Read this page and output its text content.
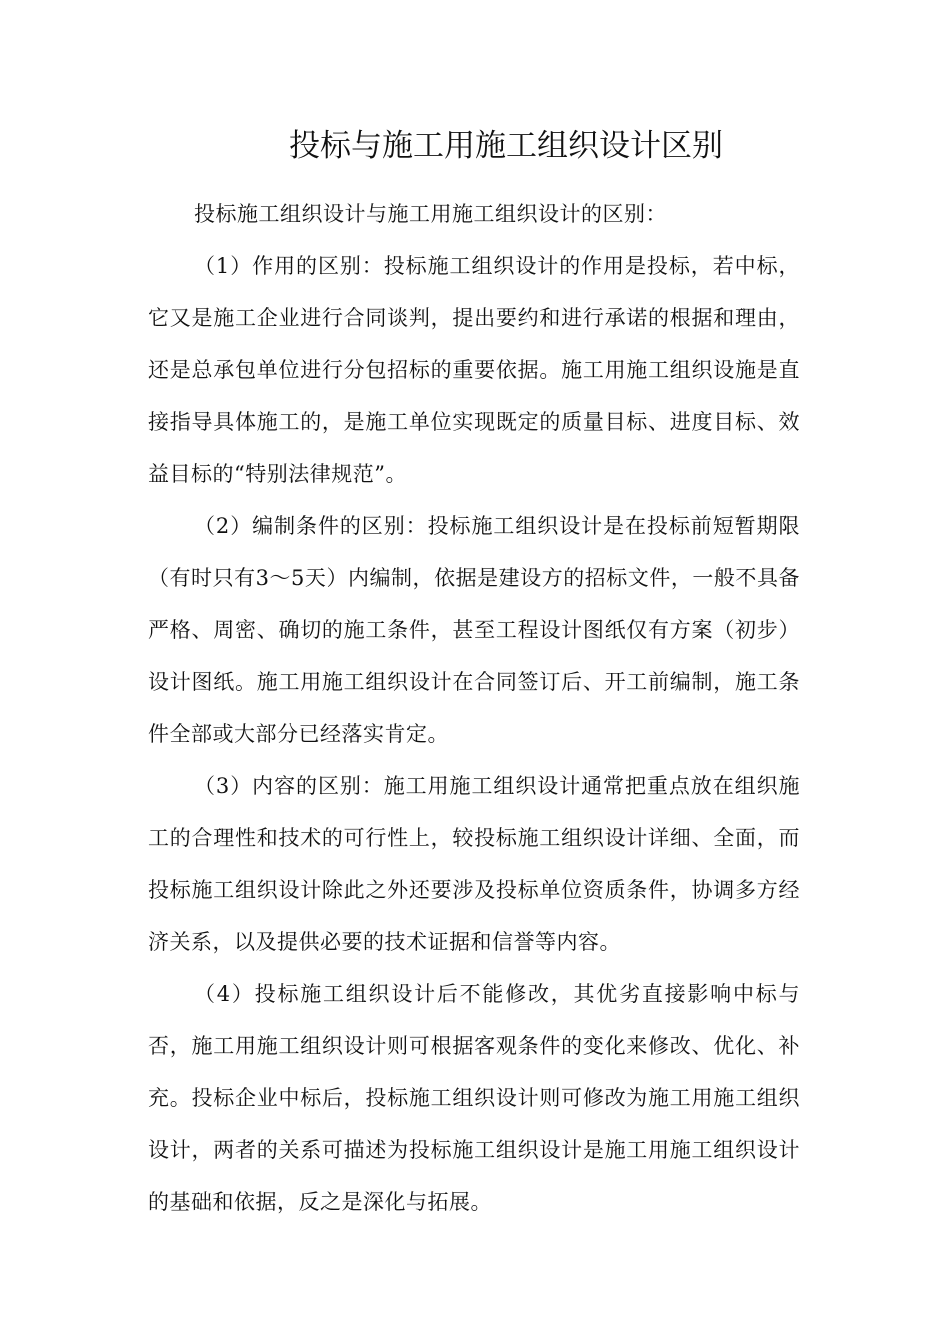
投标与施工用施工组织设计区别

投标施工组织设计与施工用施工组织设计的区别：

（1）作用的区别：投标施工组织设计的作用是投标，若中标，它又是施工企业进行合同谈判，提出要约和进行承诺的根据和理由，还是总承包单位进行分包招标的重要依据。施工用施工组织设施是直接指导具体施工的，是施工单位实现既定的质量目标、进度目标、效益目标的“特别法律规范”。

（2）编制条件的区别：投标施工组织设计是在投标前短暂期限（有时只有3～5天）内编制，依据是建设方的招标文件，一般不具备严格、周密、确切的施工条件，甚至工程设计图纸仅有方案（初步）设计图纸。施工用施工组织设计在合同签订后、开工前编制，施工条件全部或大部分已经落实肯定。

（3）内容的区别：施工用施工组织设计通常把重点放在组织施工的合理性和技术的可行性上，较投标施工组织设计详细、全面，而投标施工组织设计除此之外还要涉及投标单位资质条件，协调多方经济关系，以及提供必要的技术证据和信誉等内容。

（4）投标施工组织设计后不能修改，其优劣直接影响中标与否，施工用施工组织设计则可根据客观条件的变化来修改、优化、补充。投标企业中标后，投标施工组织设计则可修改为施工用施工组织设计，两者的关系可描述为投标施工组织设计是施工用施工组织设计的基础和依据，反之是深化与拓展。
